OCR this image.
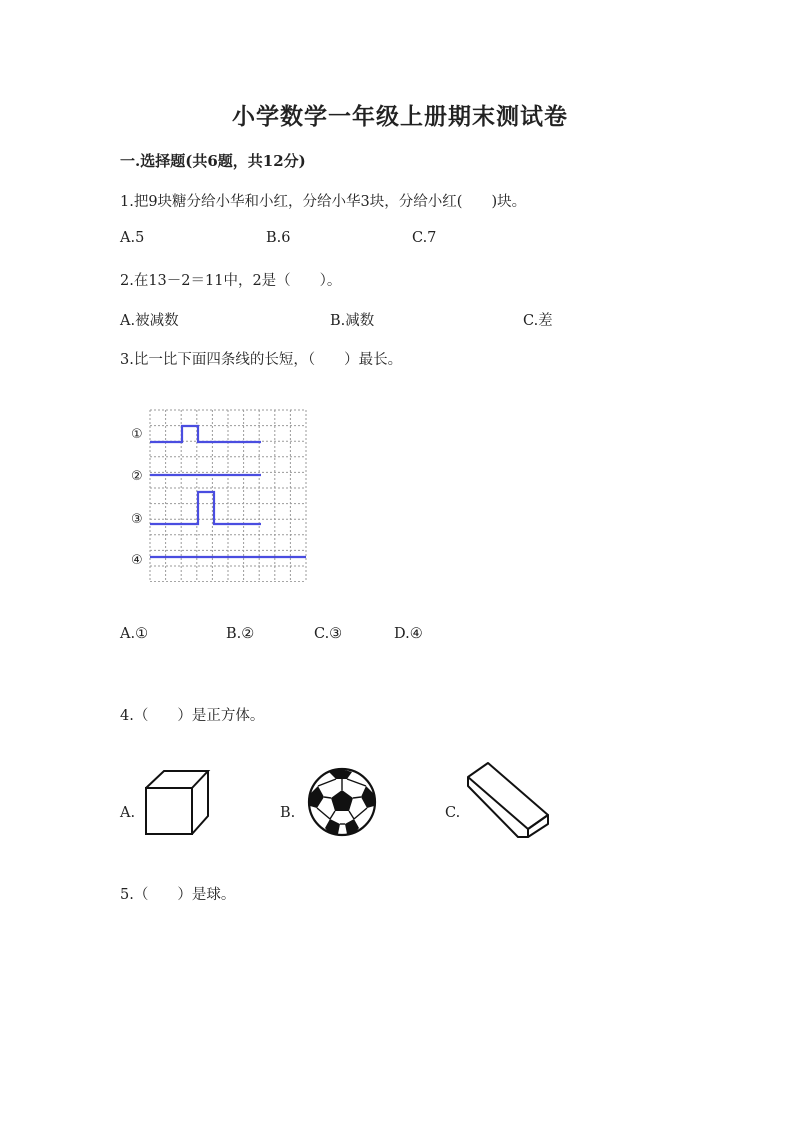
小学数学一年级上册期末测试卷
一.选择题(共6题，共12分)
1.把9块糖分给小华和小红，分给小华3块，分给小红(　　)块。
A.5	B.6	C.7
2.在13－2＝11中，2是（　　）。
A.被减数	B.减数	C.差
3.比一比下面四条线的长短，（　　）最长。
①
②
③
④
A.①	B.②	C.③	D.④
4.（　　）是正方体。
A.	B.	C.
5.（　　）是球。
